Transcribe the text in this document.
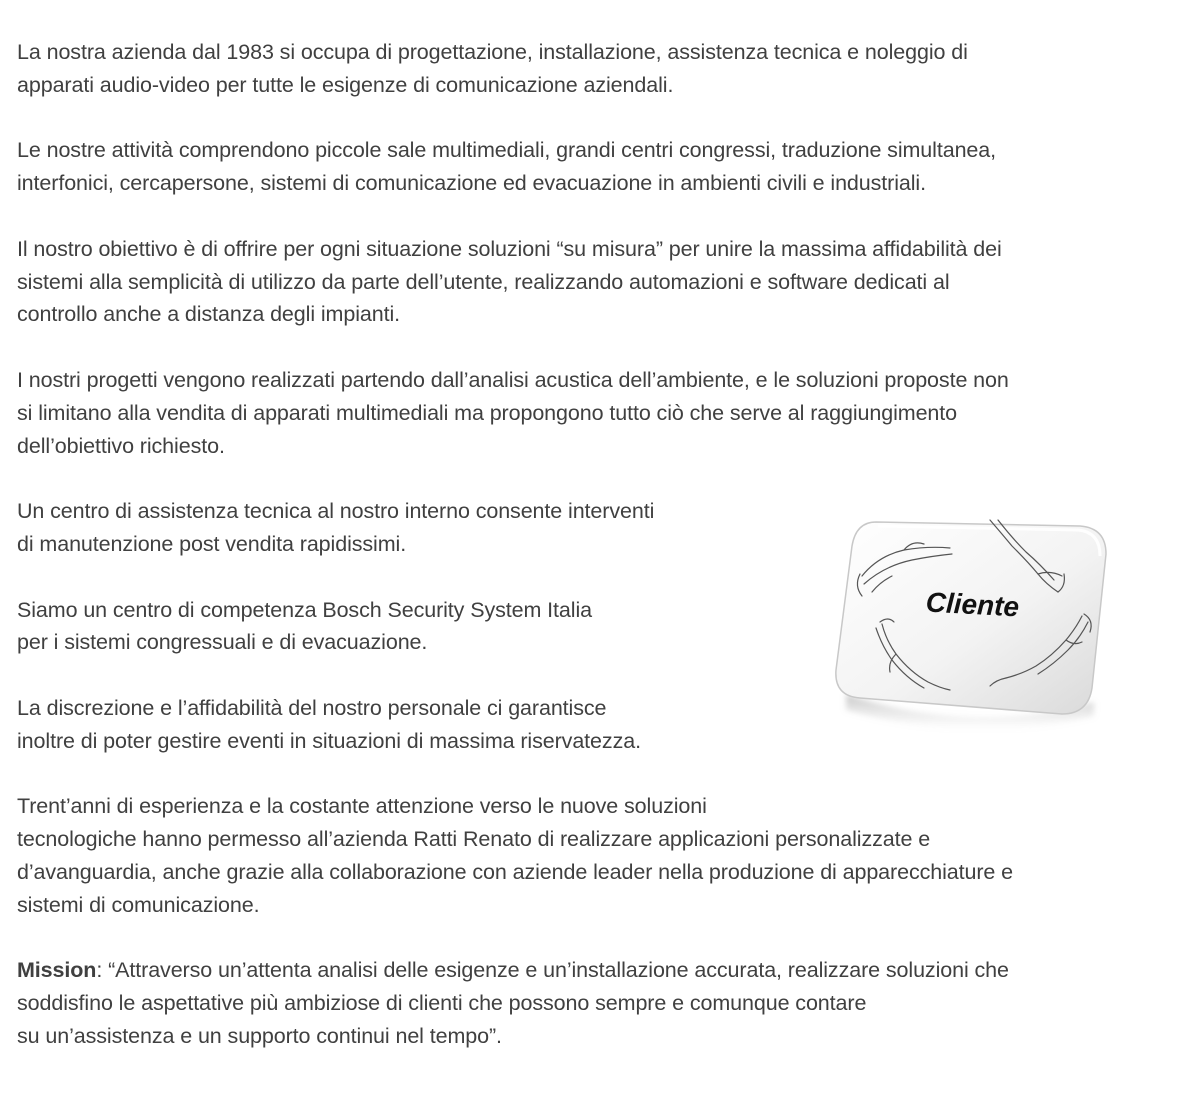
La nostra azienda dal 1983 si occupa di progettazione, installazione, assistenza tecnica e noleggio di
apparati audio-video per tutte le esigenze di comunicazione aziendali.

Le nostre attività comprendono piccole sale multimediali, grandi centri congressi, traduzione simultanea,
interfonici, cercapersone, sistemi di comunicazione ed evacuazione in ambienti civili e industriali.

Il nostro obiettivo è di offrire per ogni situazione soluzioni “su misura” per unire la massima affidabilità dei
sistemi alla semplicità di utilizzo da parte dell’utente, realizzando automazioni e software dedicati al
controllo anche a distanza degli impianti.

I nostri progetti vengono realizzati partendo dall’analisi acustica dell’ambiente, e le soluzioni proposte non
si limitano alla vendita di apparati multimediali ma propongono tutto ciò che serve al raggiungimento
dell’obiettivo richiesto.

Un centro di assistenza tecnica al nostro interno consente interventi
di manutenzione post vendita rapidissimi.

Siamo un centro di competenza Bosch Security System Italia
per i sistemi congressuali e di evacuazione.

La discrezione e l’affidabilità del nostro personale ci garantisce
inoltre di poter gestire eventi in situazioni di massima riservatezza.

Trent’anni di esperienza e la costante attenzione verso le nuove soluzioni
tecnologiche hanno permesso all’azienda Ratti Renato di realizzare applicazioni personalizzate e
d’avanguardia, anche grazie alla collaborazione con aziende leader nella produzione di apparecchiature e
sistemi di comunicazione.

Mission: “Attraverso un’attenta analisi delle esigenze e un’installazione accurata, realizzare soluzioni che
soddisfino le aspettative più ambiziose di clienti che possono sempre e comunque contare
su un’assistenza e un supporto continui nel tempo”.

Cliente
